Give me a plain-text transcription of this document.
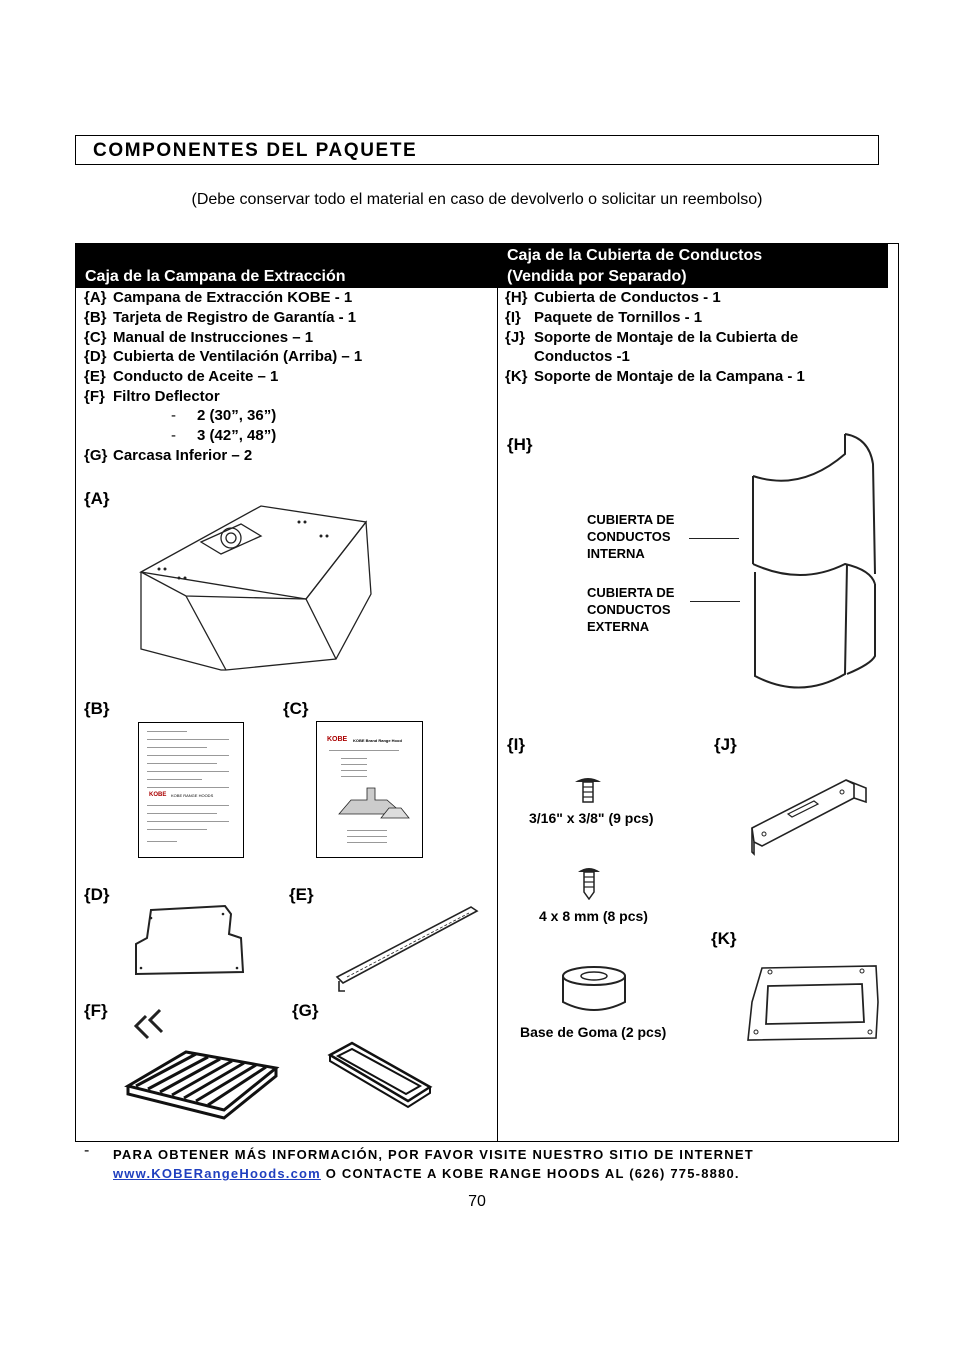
COMPONENTES DEL PAQUETE
(Debe conservar todo el material en caso de devolverlo o solicitar un reembolso)
Caja de la Campana de Extracción
Caja de la Cubierta de Conductos
(Vendida por Separado)
{A} Campana de Extracción KOBE - 1
{B} Tarjeta de Registro de Garantía - 1
{C} Manual de Instrucciones – 1
{D} Cubierta de Ventilación (Arriba) – 1
{E} Conducto de Aceite – 1
{F} Filtro Deflector
- 2 (30”, 36”)
- 3 (42”, 48”)
{G} Carcasa Inferior – 2
{H} Cubierta de Conductos - 1
{I} Paquete de Tornillos - 1
{J} Soporte de Montaje de la Cubierta de
Conductos -1
{K} Soporte de Montaje de la Campana - 1
{A}
{B}	{C}
{D}	{E}
{F}	{G}
{H}
{I}	{J}
{K}
KOBE KOBE RANGE HOODS
KOBE KOBE Brand Range Hood
CUBIERTA DE
CONDUCTOS
INTERNA
CUBIERTA DE
CONDUCTOS
EXTERNA
3/16" x 3/8" (9 pcs)
4 x 8 mm (8 pcs)
Base de Goma (2 pcs)
-	PARA OBTENER MÁS INFORMACIÓN, POR FAVOR VISITE NUESTRO SITIO DE INTERNET
www.KOBERangeHoods.com O CONTACTE A KOBE RANGE HOODS AL (626) 775-8880.
70
